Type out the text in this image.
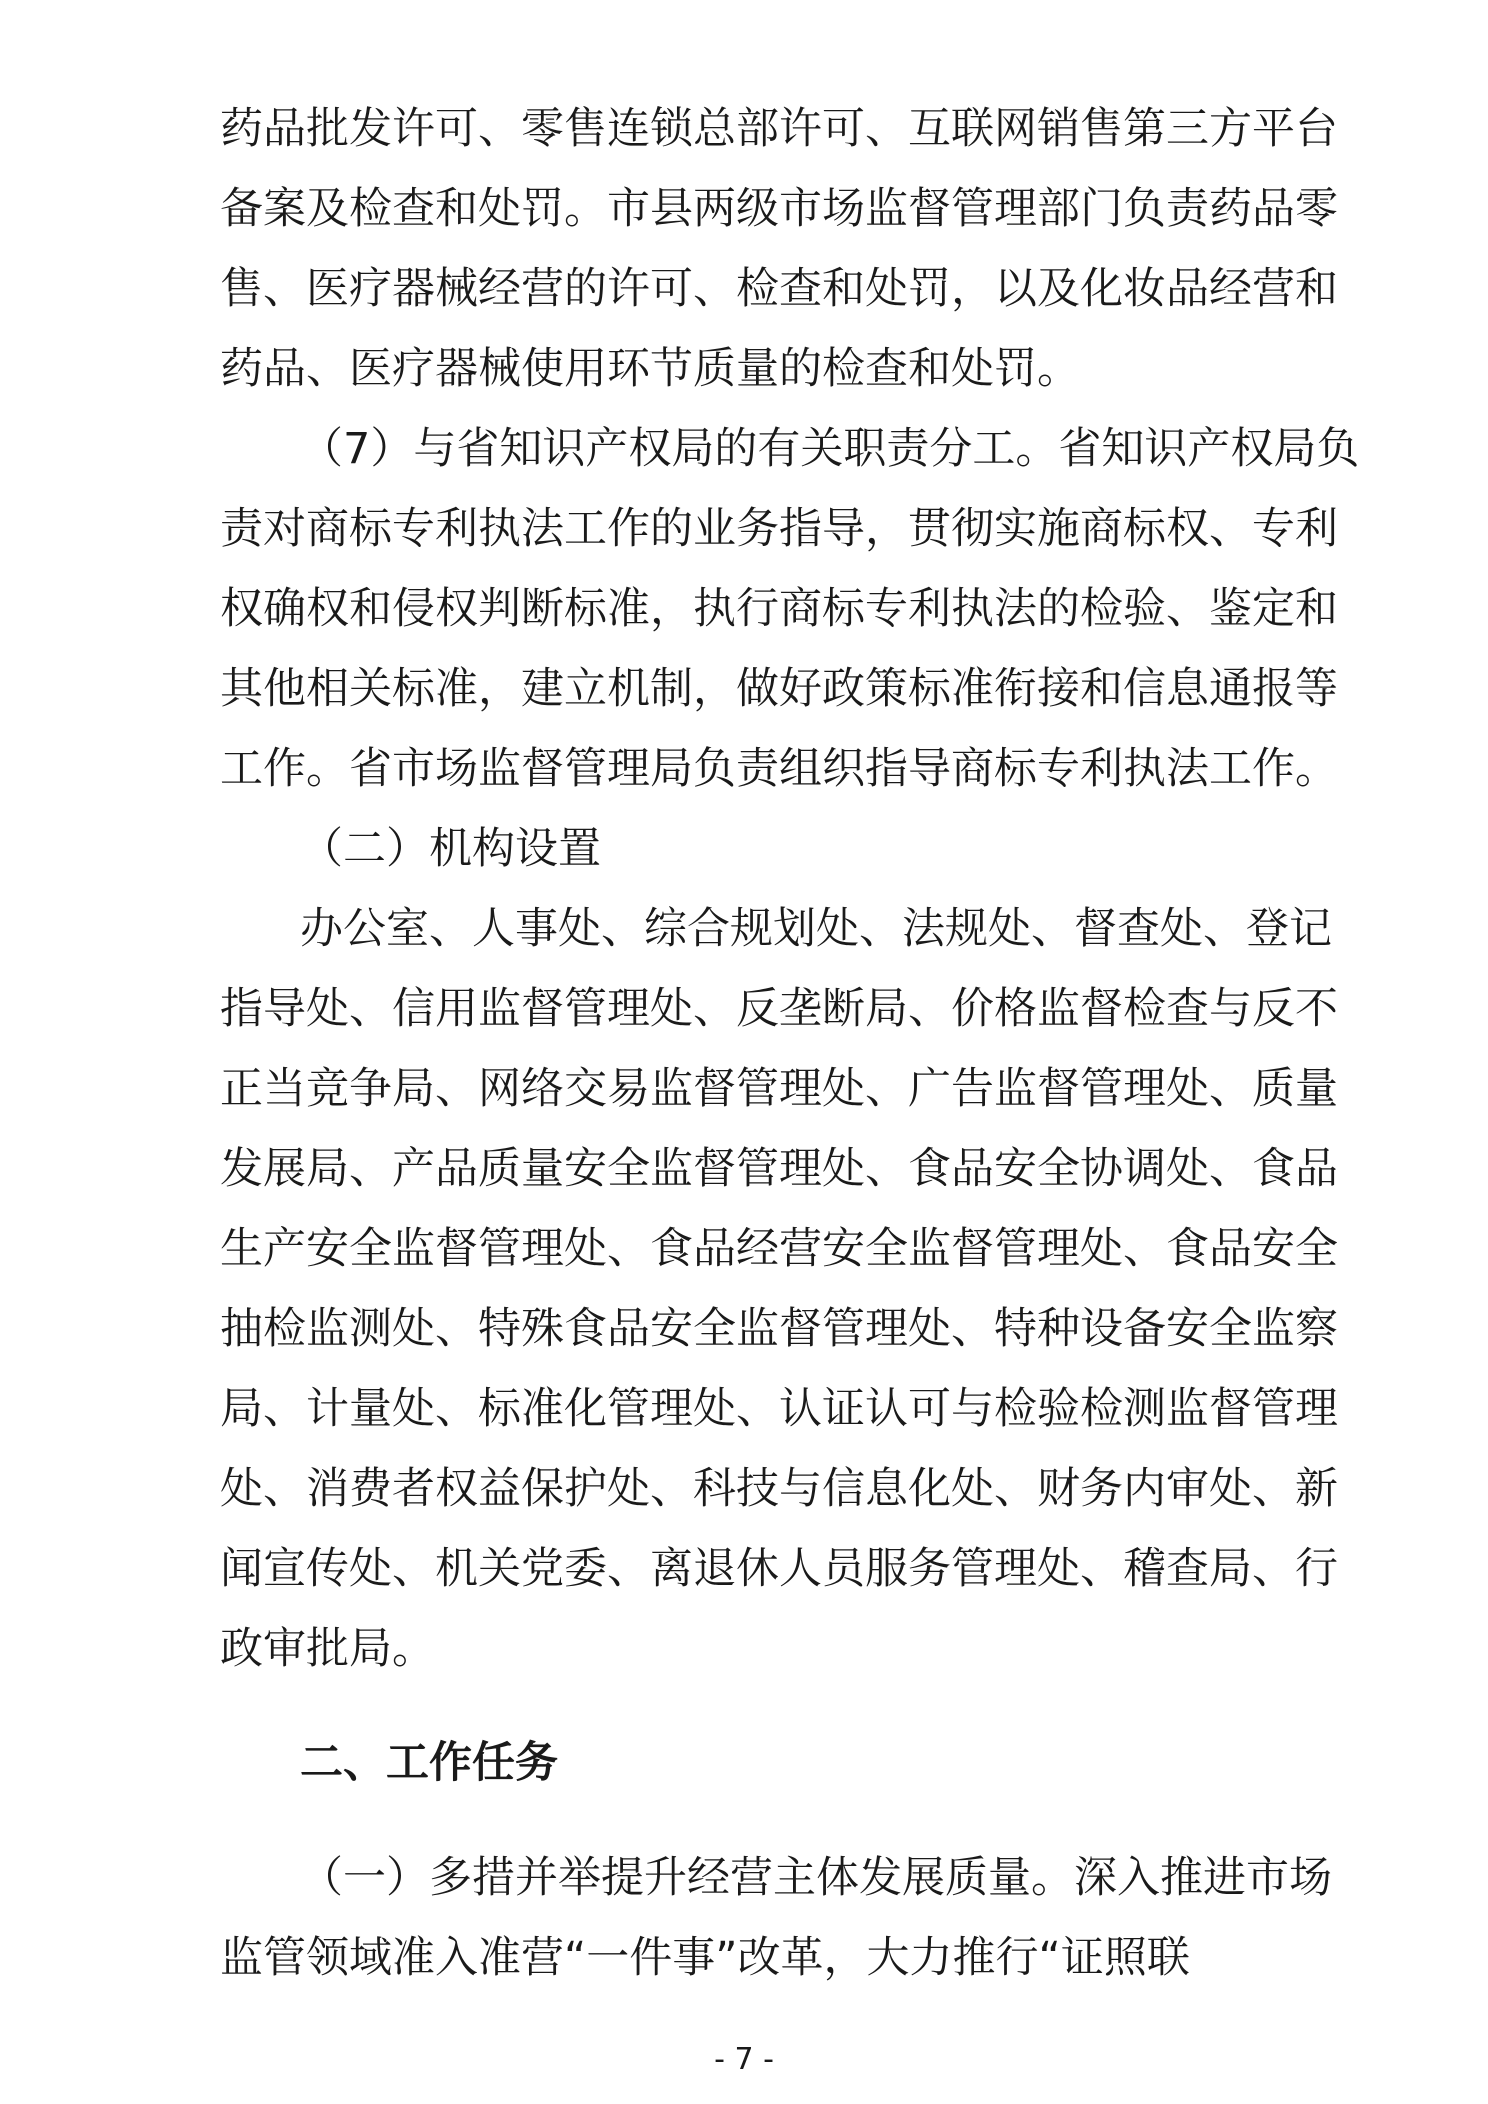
药品批发许可、零售连锁总部许可、互联网销售第三方平台
备案及检查和处罚。市县两级市场监督管理部门负责药品零
售、医疗器械经营的许可、检查和处罚，以及化妆品经营和
药品、医疗器械使用环节质量的检查和处罚。
（7）与省知识产权局的有关职责分工。省知识产权局负
责对商标专利执法工作的业务指导，贯彻实施商标权、专利
权确权和侵权判断标准，执行商标专利执法的检验、鉴定和
其他相关标准，建立机制，做好政策标准衔接和信息通报等
工作。省市场监督管理局负责组织指导商标专利执法工作。
（二）机构设置
办公室、人事处、综合规划处、法规处、督查处、登记
指导处、信用监督管理处、反垄断局、价格监督检查与反不
正当竞争局、网络交易监督管理处、广告监督管理处、质量
发展局、产品质量安全监督管理处、食品安全协调处、食品
生产安全监督管理处、食品经营安全监督管理处、食品安全
抽检监测处、特殊食品安全监督管理处、特种设备安全监察
局、计量处、标准化管理处、认证认可与检验检测监督管理
处、消费者权益保护处、科技与信息化处、财务内审处、新
闻宣传处、机关党委、离退休人员服务管理处、稽查局、行
政审批局。
二、工作任务
（一）多措并举提升经营主体发展质量。深入推进市场
监管领域准入准营“一件事”改革，大力推行“证照联
- 7 -
